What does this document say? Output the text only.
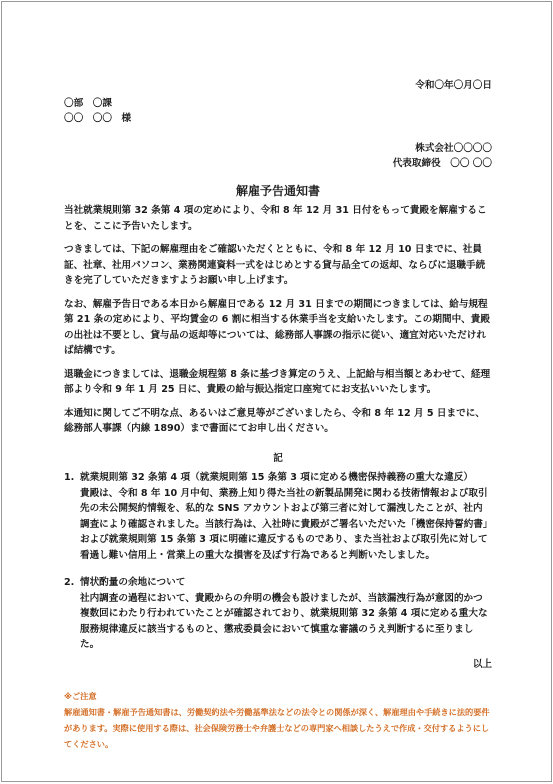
令和〇年〇月〇日
〇部　〇課
〇〇　〇〇　様
株式会社〇〇〇〇
代表取締役　〇〇 〇〇
解雇予告通知書

当社就業規則第 32 条第 4 項の定めにより、令和 8 年 12 月 31 日付をもって貴殿を解雇することを、ここに予告いたします。

つきましては、下記の解雇理由をご確認いただくとともに、令和 8 年 12 月 10 日までに、社員証、社章、社用パソコン、業務関連資料一式をはじめとする貸与品全ての返却、ならびに退職手続きを完了していただきますようお願い申し上げます。

なお、解雇予告日である本日から解雇日である 12 月 31 日までの期間につきましては、給与規程第 21 条の定めにより、平均賃金の 6 割に相当する休業手当を支給いたします。この期間中、貴殿の出社は不要とし、貸与品の返却等については、総務部人事課の指示に従い、適宜対応いただければ結構です。

退職金につきましては、退職金規程第 8 条に基づき算定のうえ、上記給与相当額とあわせて、経理部より令和 9 年 1 月 25 日に、貴殿の給与振込指定口座宛てにお支払いいたします。

本通知に関してご不明な点、あるいはご意見等がございましたら、令和 8 年 12 月 5 日までに、総務部人事課（内線 1890）まで書面にてお申し出ください。

記
1. 就業規則第 32 条第 4 項（就業規則第 15 条第 3 項に定める機密保持義務の重大な違反）
貴殿は、令和 8 年 10 月中旬、業務上知り得た当社の新製品開発に関わる技術情報および取引先の未公開契約情報を、私的な SNS アカウントおよび第三者に対して漏洩したことが、社内調査により確認されました。当該行為は、入社時に貴殿がご署名いただいた「機密保持誓約書」および就業規則第 15 条第 3 項に明確に違反するものであり、また当社および取引先に対して看過し難い信用上・営業上の重大な損害を及ぼす行為であると判断いたしました。
2. 情状酌量の余地について
社内調査の過程において、貴殿からの弁明の機会も設けましたが、当該漏洩行為が意図的かつ複数回にわたり行われていたことが確認されており、就業規則第 32 条第 4 項に定める重大な服務規律違反に該当するものと、懲戒委員会において慎重な審議のうえ判断するに至りました。
以上
※ご注意
解雇通知書・解雇予告通知書は、労働契約法や労働基準法などの法令との関係が深く、解雇理由や手続きに法的要件があります。実際に使用する際は、社会保険労務士や弁護士などの専門家へ相談したうえで作成・交付するようにしてください。
